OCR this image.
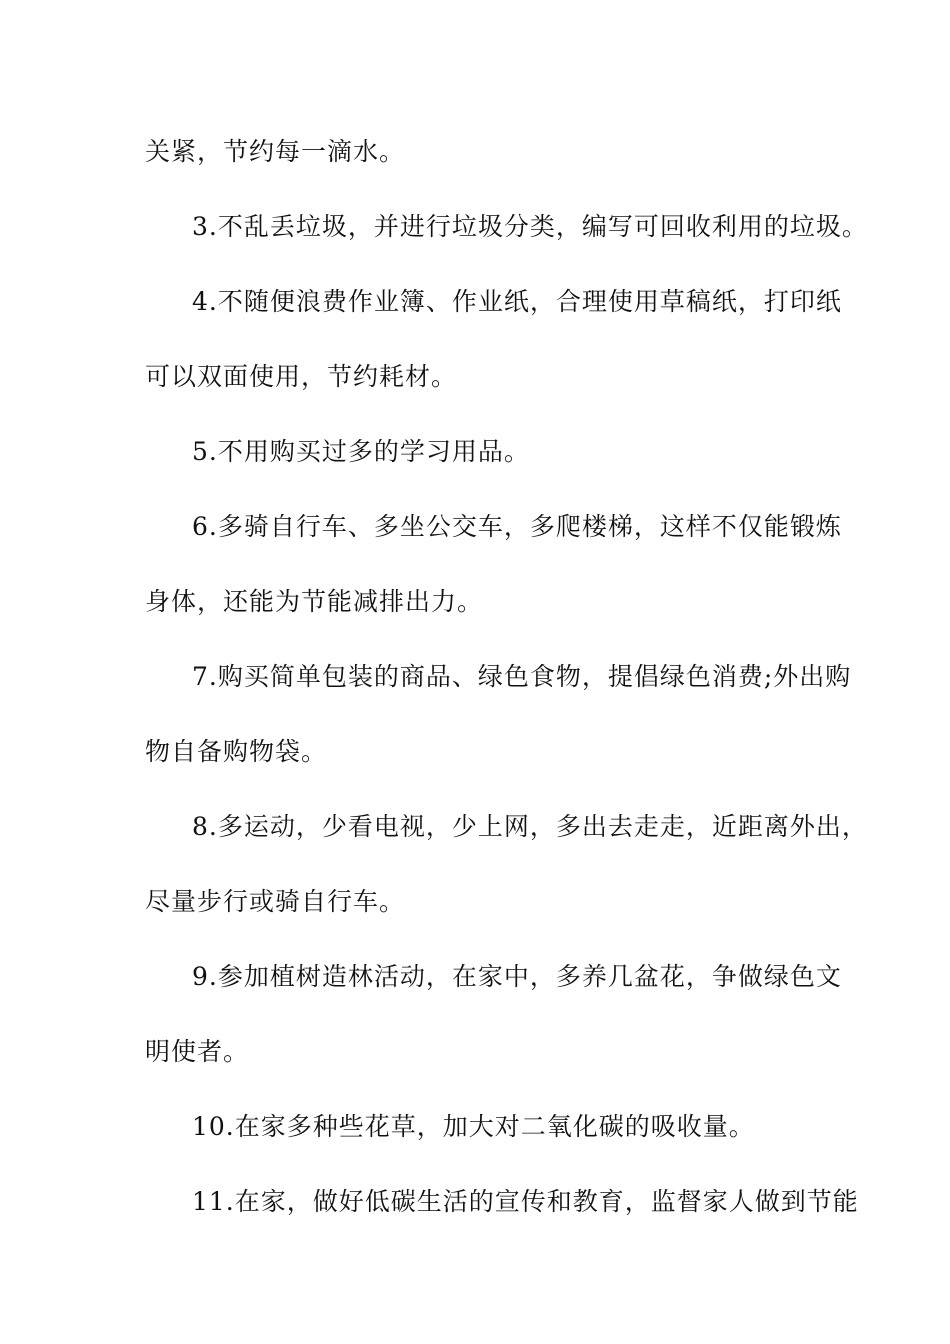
关紧，节约每一滴水。
3.不乱丢垃圾，并进行垃圾分类，编写可回收利用的垃圾。
4.不随便浪费作业簿、作业纸，合理使用草稿纸，打印纸
可以双面使用，节约耗材。
5.不用购买过多的学习用品。
6.多骑自行车、多坐公交车，多爬楼梯，这样不仅能锻炼
身体，还能为节能减排出力。
7.购买简单包装的商品、绿色食物，提倡绿色消费;外出购
物自备购物袋。
8.多运动，少看电视，少上网，多出去走走，近距离外出，
尽量步行或骑自行车。
9.参加植树造林活动，在家中，多养几盆花，争做绿色文
明使者。
10.在家多种些花草，加大对二氧化碳的吸收量。
11.在家，做好低碳生活的宣传和教育，监督家人做到节能
